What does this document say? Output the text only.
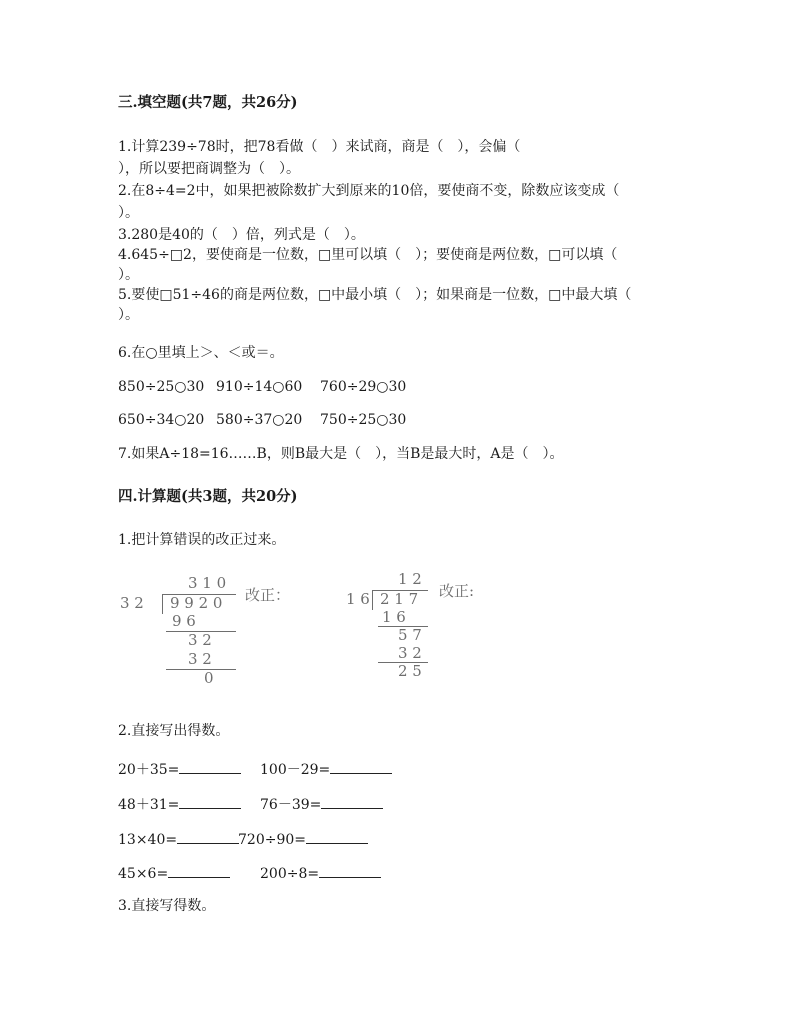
三.填空题(共7题，共26分)
1.计算239÷78时，把78看做（　）来试商，商是（　），会偏（
），所以要把商调整为（　）。
2.在8÷4=2中，如果把被除数扩大到原来的10倍，要使商不变，除数应该变成（
）。
3.280是40的（　）倍，列式是（　）。
4.645÷□2，要使商是一位数，□里可以填（　）；要使商是两位数，□可以填（
）。
5.要使□51÷46的商是两位数，□中最小填（　）；如果商是一位数，□中最大填（
）。
6.在○里填上＞、＜或＝。
850÷25○30 910÷14○60 760÷29○30
650÷34○20 580÷37○20 750÷25○30
7.如果A÷18=16……B，则B最大是（　），当B是最大时，A是（　）。
四.计算题(共3题，共20分)
1.把计算错误的改正过来。
3 1 0
3 2 9 9 2 0
9 6
3 2
3 2
0
改正：
1 2
1 6 2 1 7
1 6
5 7
3 2
2 5
改正:
2.直接写出得数。
20＋35=	100－29=
48＋31=	76－39=
13×40=	720÷90=
45×6=	200÷8=
3.直接写得数。
